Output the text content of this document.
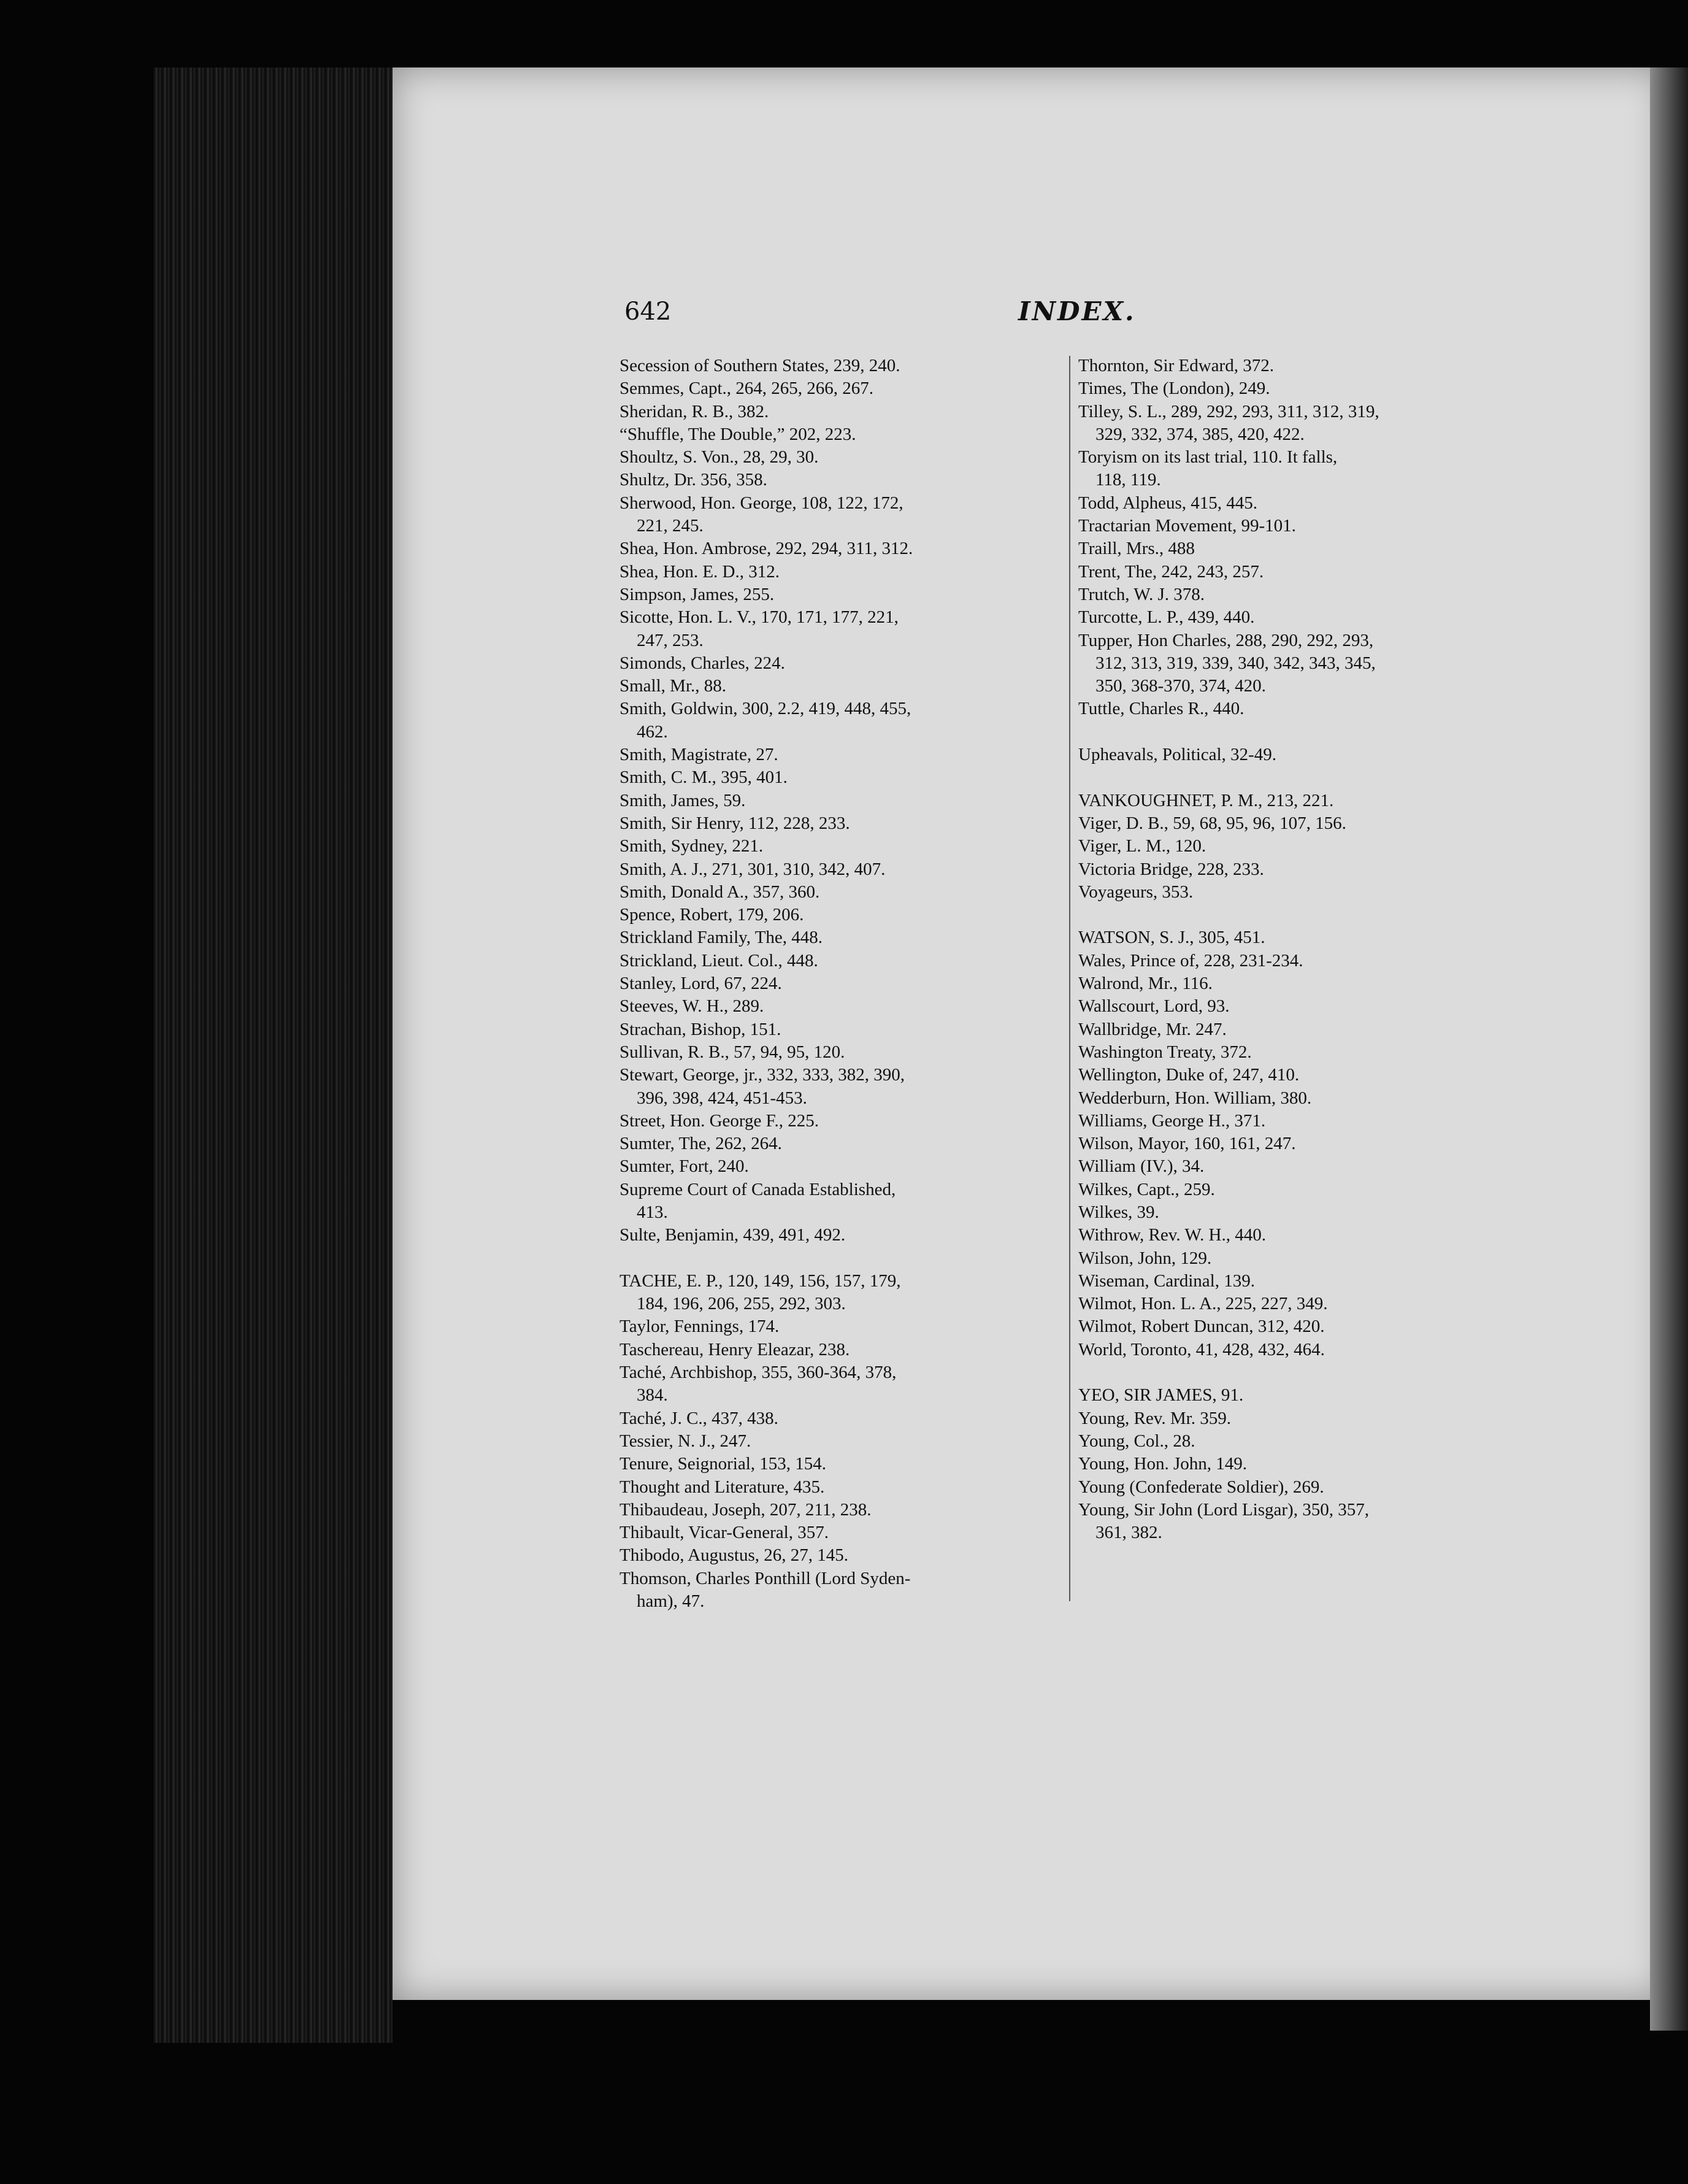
642	INDEX.
Secession of Southern States, 239, 240.
Semmes, Capt., 264, 265, 266, 267.
Sheridan, R. B., 382.
“Shuffle, The Double,” 202, 223.
Shoultz, S. Von., 28, 29, 30.
Shultz, Dr. 356, 358.
Sherwood, Hon. George, 108, 122, 172,
221, 245.
Shea, Hon. Ambrose, 292, 294, 311, 312.
Shea, Hon. E. D., 312.
Simpson, James, 255.
Sicotte, Hon. L. V., 170, 171, 177, 221,
247, 253.
Simonds, Charles, 224.
Small, Mr., 88.
Smith, Goldwin, 300, 2.2, 419, 448, 455,
462.
Smith, Magistrate, 27.
Smith, C. M., 395, 401.
Smith, James, 59.
Smith, Sir Henry, 112, 228, 233.
Smith, Sydney, 221.
Smith, A. J., 271, 301, 310, 342, 407.
Smith, Donald A., 357, 360.
Spence, Robert, 179, 206.
Strickland Family, The, 448.
Strickland, Lieut. Col., 448.
Stanley, Lord, 67, 224.
Steeves, W. H., 289.
Strachan, Bishop, 151.
Sullivan, R. B., 57, 94, 95, 120.
Stewart, George, jr., 332, 333, 382, 390,
396, 398, 424, 451-453.
Street, Hon. George F., 225.
Sumter, The, 262, 264.
Sumter, Fort, 240.
Supreme Court of Canada Established,
413.
Sulte, Benjamin, 439, 491, 492.
TACHE, E. P., 120, 149, 156, 157, 179,
184, 196, 206, 255, 292, 303.
Taylor, Fennings, 174.
Taschereau, Henry Eleazar, 238.
Taché, Archbishop, 355, 360-364, 378,
384.
Taché, J. C., 437, 438.
Tessier, N. J., 247.
Tenure, Seignorial, 153, 154.
Thought and Literature, 435.
Thibaudeau, Joseph, 207, 211, 238.
Thibault, Vicar-General, 357.
Thibodo, Augustus, 26, 27, 145.
Thomson, Charles Ponthill (Lord Syden-
ham), 47.
Thornton, Sir Edward, 372.
Times, The (London), 249.
Tilley, S. L., 289, 292, 293, 311, 312, 319,
329, 332, 374, 385, 420, 422.
Toryism on its last trial, 110. It falls,
118, 119.
Todd, Alpheus, 415, 445.
Tractarian Movement, 99-101.
Traill, Mrs., 488
Trent, The, 242, 243, 257.
Trutch, W. J. 378.
Turcotte, L. P., 439, 440.
Tupper, Hon Charles, 288, 290, 292, 293,
312, 313, 319, 339, 340, 342, 343, 345,
350, 368-370, 374, 420.
Tuttle, Charles R., 440.
Upheavals, Political, 32-49.
VANKOUGHNET, P. M., 213, 221.
Viger, D. B., 59, 68, 95, 96, 107, 156.
Viger, L. M., 120.
Victoria Bridge, 228, 233.
Voyageurs, 353.
WATSON, S. J., 305, 451.
Wales, Prince of, 228, 231-234.
Walrond, Mr., 116.
Wallscourt, Lord, 93.
Wallbridge, Mr. 247.
Washington Treaty, 372.
Wellington, Duke of, 247, 410.
Wedderburn, Hon. William, 380.
Williams, George H., 371.
Wilson, Mayor, 160, 161, 247.
William (IV.), 34.
Wilkes, Capt., 259.
Wilkes, 39.
Withrow, Rev. W. H., 440.
Wilson, John, 129.
Wiseman, Cardinal, 139.
Wilmot, Hon. L. A., 225, 227, 349.
Wilmot, Robert Duncan, 312, 420.
World, Toronto, 41, 428, 432, 464.
YEO, SIR JAMES, 91.
Young, Rev. Mr. 359.
Young, Col., 28.
Young, Hon. John, 149.
Young (Confederate Soldier), 269.
Young, Sir John (Lord Lisgar), 350, 357,
361, 382.
